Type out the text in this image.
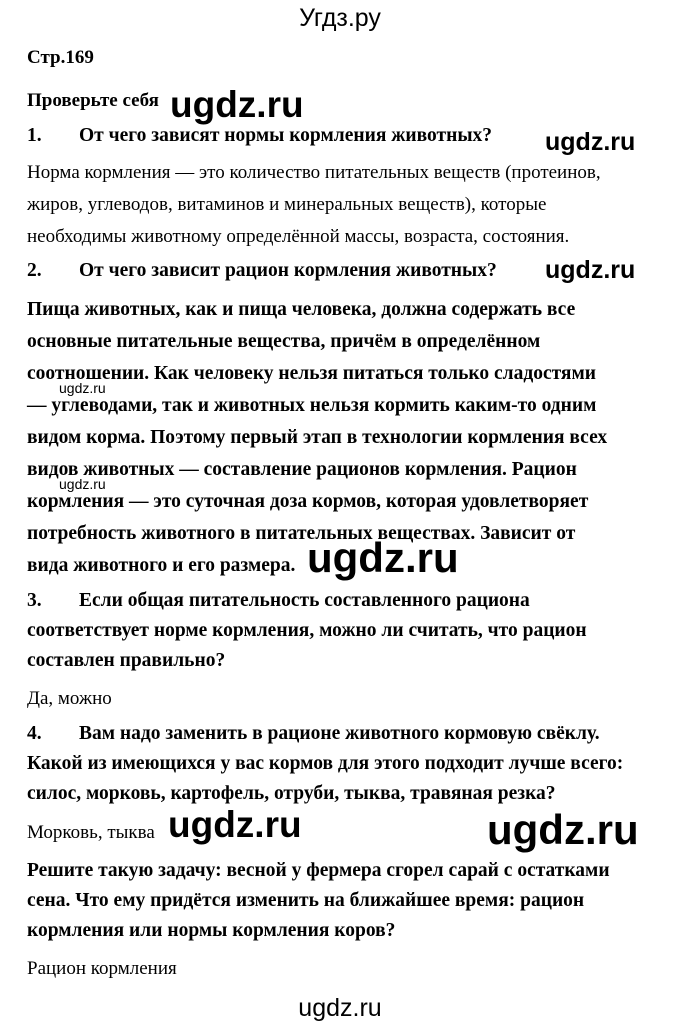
Угдз.ру
Стр.169
Проверьте себя
1. От чего зависят нормы кормления животных?
Норма кормления — это количество питательных веществ (протеинов,
жиров, углеводов, витаминов и минеральных веществ), которые
необходимы животному определённой массы, возраста, состояния.
2. От чего зависит рацион кормления животных?
Пища животных, как и пища человека, должна содержать все
основные питательные вещества, причём в определённом
соотношении. Как человеку нельзя питаться только сладостями
— углеводами, так и животных нельзя кормить каким-то одним
видом корма. Поэтому первый этап в технологии кормления всех
видов животных — составление рационов кормления. Рацион
кормления — это суточная доза кормов, которая удовлетворяет
потребность животного в питательных веществах. Зависит от
вида животного и его размера.
3. Если общая питательность составленного рациона
соответствует норме кормления, можно ли считать, что рацион
составлен правильно?
Да, можно
4. Вам надо заменить в рационе животного кормовую свёклу.
Какой из имеющихся у вас кормов для этого подходит лучше всего:
силос, морковь, картофель, отруби, тыква, травяная резка?
Морковь, тыква
Решите такую задачу: весной у фермера сгорел сарай с остатками
сена. Что ему придётся изменить на ближайшее время: рацион
кормления или нормы кормления коров?
Рацион кормления
ugdz.ru
ugdz.ru
ugdz.ru
ugdz.ru
ugdz.ru
ugdz.ru
ugdz.ru	ugdz.ru
ugdz.ru
